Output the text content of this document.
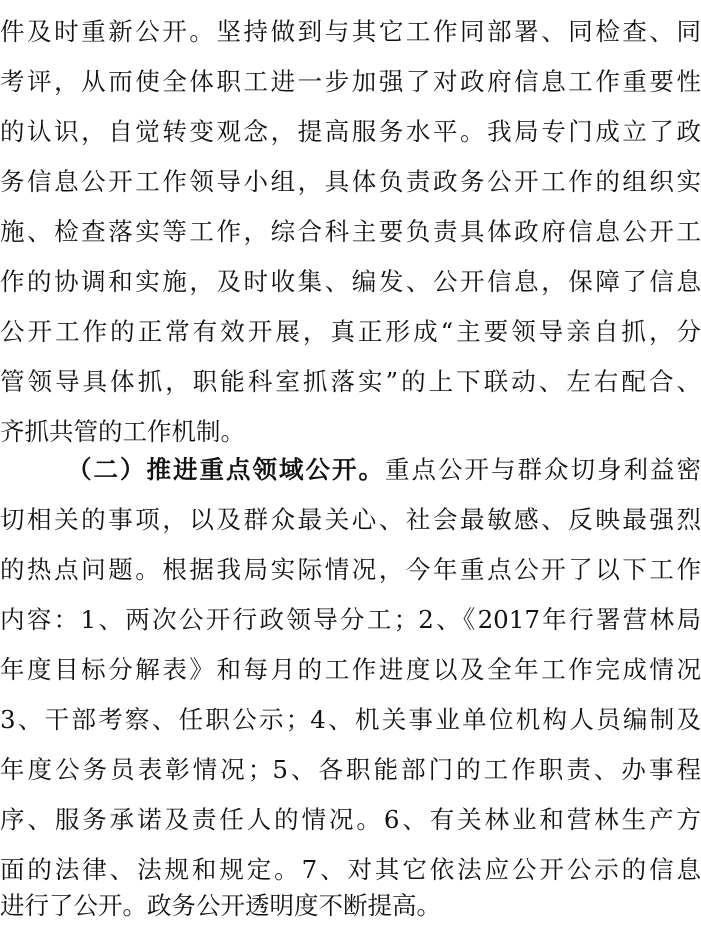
件及时重新公开。坚持做到与其它工作同部署、同检查、同
考评，从而使全体职工进一步加强了对政府信息工作重要性
的认识，自觉转变观念，提高服务水平。我局专门成立了政
务信息公开工作领导小组，具体负责政务公开工作的组织实
施、检查落实等工作，综合科主要负责具体政府信息公开工
作的协调和实施，及时收集、编发、公开信息，保障了信息
公开工作的正常有效开展，真正形成“主要领导亲自抓，分
管领导具体抓，职能科室抓落实”的上下联动、左右配合、
齐抓共管的工作机制。
（二）推进重点领域公开。重点公开与群众切身利益密
切相关的事项，以及群众最关心、社会最敏感、反映最强烈
的热点问题。根据我局实际情况，今年重点公开了以下工作
内容：1、两次公开行政领导分工；2、《2017年行署营林局
年度目标分解表》和每月的工作进度以及全年工作完成情况
3、干部考察、任职公示；4、机关事业单位机构人员编制及
年度公务员表彰情况；5、各职能部门的工作职责、办事程
序、服务承诺及责任人的情况。6、有关林业和营林生产方
面的法律、法规和规定。7、对其它依法应公开公示的信息
进行了公开。政务公开透明度不断提高。
